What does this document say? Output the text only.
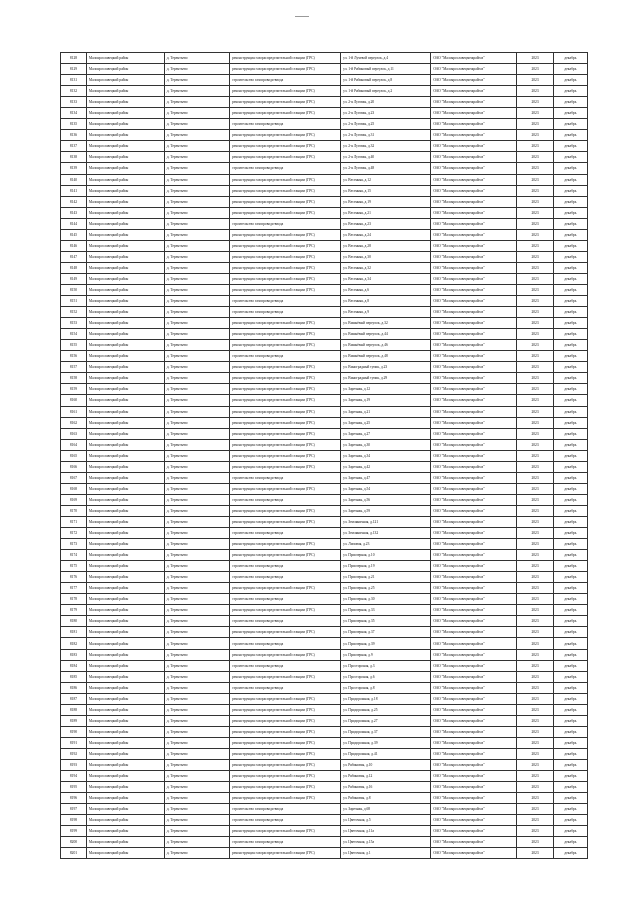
8128	Малоярославецкий район	д. Терентьево	реконструкция газораспределительной станции (ГРС)	ул. 1-й Лучевой переулок, д.4	ОАО "Малоярославецмежрайгаз"	2023	декабрь
8129	Малоярославецкий район	д. Терентьево	реконструкция газораспределительной станции (ГРС)	ул. 1-й Рябиновый переулок, д.11	ОАО "Малоярославецмежрайгаз"	2023	декабрь
8131	Малоярославецкий район	д. Терентьево	строительство газопровода-ввода	ул. 1-й Рябиновый переулок, д.8	ОАО "Малоярославецмежрайгаз"	2023	декабрь
8132	Малоярославецкий район	д. Терентьево	реконструкция газораспределительной станции (ГРС)	ул. 1-й Рябиновый переулок, д.2	ОАО "Малоярославецмежрайгаз"	2023	декабрь
8133	Малоярославецкий район	д. Терентьево	реконструкция газораспределительной станции (ГРС)	ул. 2-я Луговая, д.20	ОАО "Малоярославецмежрайгаз"	2023	декабрь
8134	Малоярославецкий район	д. Терентьево	реконструкция газораспределительной станции (ГРС)	ул. 2-я Луговая, д.23	ОАО "Малоярославецмежрайгаз"	2023	декабрь
8135	Малоярославецкий район	д. Терентьево	строительство газопровода-ввода	ул. 2-я Луговая, д.25	ОАО "Малоярославецмежрайгаз"	2023	декабрь
8136	Малоярославецкий район	д. Терентьево	реконструкция газораспределительной станции (ГРС)	ул. 2-я Луговая, д.31	ОАО "Малоярославецмежрайгаз"	2023	декабрь
8137	Малоярославецкий район	д. Терентьево	реконструкция газораспределительной станции (ГРС)	ул. 2-я Луговая, д.32	ОАО "Малоярославецмежрайгаз"	2023	декабрь
8138	Малоярославецкий район	д. Терентьево	реконструкция газораспределительной станции (ГРС)	ул. 2-я Луговая, д.40	ОАО "Малоярославецмежрайгаз"	2023	декабрь
8139	Малоярославецкий район	д. Терентьево	строительство газопровода-ввода	ул. 2-я Луговая, д.48	ОАО "Малоярославецмежрайгаз"	2023	декабрь
8140	Малоярославецкий район	д. Терентьево	реконструкция газораспределительной станции (ГРС)	ул. Весенняя, д.12	ОАО "Малоярославецмежрайгаз"	2023	декабрь
8141	Малоярославецкий район	д. Терентьево	реконструкция газораспределительной станции (ГРС)	ул. Весенняя, д.15	ОАО "Малоярославецмежрайгаз"	2023	декабрь
8142	Малоярославецкий район	д. Терентьево	реконструкция газораспределительной станции (ГРС)	ул. Весенняя, д.19	ОАО "Малоярославецмежрайгаз"	2023	декабрь
8143	Малоярославецкий район	д. Терентьево	реконструкция газораспределительной станции (ГРС)	ул. Весенняя, д.21	ОАО "Малоярославецмежрайгаз"	2023	декабрь
8144	Малоярославецкий район	д. Терентьево	строительство газопровода-ввода	ул. Весенняя, д.23	ОАО "Малоярославецмежрайгаз"	2023	декабрь
8145	Малоярославецкий район	д. Терентьево	реконструкция газораспределительной станции (ГРС)	ул. Весенняя, д.24	ОАО "Малоярославецмежрайгаз"	2023	декабрь
8146	Малоярославецкий район	д. Терентьево	реконструкция газораспределительной станции (ГРС)	ул. Весенняя, д.28	ОАО "Малоярославецмежрайгаз"	2023	декабрь
8147	Малоярославецкий район	д. Терентьево	реконструкция газораспределительной станции (ГРС)	ул. Весенняя, д.30	ОАО "Малоярославецмежрайгаз"	2023	декабрь
8148	Малоярославецкий район	д. Терентьево	реконструкция газораспределительной станции (ГРС)	ул. Весенняя, д.32	ОАО "Малоярославецмежрайгаз"	2023	декабрь
8149	Малоярославецкий район	д. Терентьево	реконструкция газораспределительной станции (ГРС)	ул. Весенняя, д.34	ОАО "Малоярославецмежрайгаз"	2023	декабрь
8150	Малоярославецкий район	д. Терентьево	реконструкция газораспределительной станции (ГРС)	ул. Весенняя, д.6	ОАО "Малоярославецмежрайгаз"	2023	декабрь
8151	Малоярославецкий район	д. Терентьево	строительство газопровода-ввода	ул. Весенняя, д.8	ОАО "Малоярославецмежрайгаз"	2023	декабрь
8152	Малоярославецкий район	д. Терентьево	строительство газопровода-ввода	ул. Весенняя, д.9	ОАО "Малоярославецмежрайгаз"	2023	декабрь
8153	Малоярославецкий район	д. Терентьево	реконструкция газораспределительной станции (ГРС)	ул. Вишнёвый переулок, д.32	ОАО "Малоярославецмежрайгаз"	2023	декабрь
8154	Малоярославецкий район	д. Терентьево	реконструкция газораспределительной станции (ГРС)	ул. Вишнёвый переулок, д.44	ОАО "Малоярославецмежрайгаз"	2023	декабрь
8155	Малоярославецкий район	д. Терентьево	реконструкция газораспределительной станции (ГРС)	ул. Вишнёвый переулок, д.46	ОАО "Малоярославецмежрайгаз"	2023	декабрь
8156	Малоярославецкий район	д. Терентьево	строительство газопровода-ввода	ул. Вишнёвый переулок, д.48	ОАО "Малоярославецмежрайгаз"	2023	декабрь
8157	Малоярославецкий район	д. Терентьево	реконструкция газораспределительной станции (ГРС)	ул. Виноградный тупик, д.23	ОАО "Малоярославецмежрайгаз"	2023	декабрь
8158	Малоярославецкий район	д. Терентьево	реконструкция газораспределительной станции (ГРС)	ул. Виноградный тупик, д.29	ОАО "Малоярославецмежрайгаз"	2023	декабрь
8159	Малоярославецкий район	д. Терентьево	реконструкция газораспределительной станции (ГРС)	ул. Заречная, д.12	ОАО "Малоярославецмежрайгаз"	2023	декабрь
8160	Малоярославецкий район	д. Терентьево	реконструкция газораспределительной станции (ГРС)	ул. Заречная, д.19	ОАО "Малоярославецмежрайгаз"	2023	декабрь
8161	Малоярославецкий район	д. Терентьево	реконструкция газораспределительной станции (ГРС)	ул. Заречная, д.21	ОАО "Малоярославецмежрайгаз"	2023	декабрь
8162	Малоярославецкий район	д. Терентьево	реконструкция газораспределительной станции (ГРС)	ул. Заречная, д.25	ОАО "Малоярославецмежрайгаз"	2023	декабрь
8163	Малоярославецкий район	д. Терентьево	реконструкция газораспределительной станции (ГРС)	ул. Заречная, д.27	ОАО "Малоярославецмежрайгаз"	2023	декабрь
8164	Малоярославецкий район	д. Терентьево	реконструкция газораспределительной станции (ГРС)	ул. Заречная, д.30	ОАО "Малоярославецмежрайгаз"	2023	декабрь
8165	Малоярославецкий район	д. Терентьево	реконструкция газораспределительной станции (ГРС)	ул. Заречная, д.34	ОАО "Малоярославецмежрайгаз"	2023	декабрь
8166	Малоярославецкий район	д. Терентьево	реконструкция газораспределительной станции (ГРС)	ул. Заречная, д.42	ОАО "Малоярославецмежрайгаз"	2023	декабрь
8167	Малоярославецкий район	д. Терентьево	строительство газопровода-ввода	ул. Заречная, д.47	ОАО "Малоярославецмежрайгаз"	2023	декабрь
8168	Малоярославецкий район	д. Терентьево	реконструкция газораспределительной станции (ГРС)	ул. Заречная, д.54	ОАО "Малоярославецмежрайгаз"	2023	декабрь
8169	Малоярославецкий район	д. Терентьево	строительство газопровода-ввода	ул. Заречная, д.56	ОАО "Малоярославецмежрайгаз"	2023	декабрь
8170	Малоярославецкий район	д. Терентьево	реконструкция газораспределительной станции (ГРС)	ул. Заречная, д.59	ОАО "Малоярославецмежрайгаз"	2023	декабрь
8171	Малоярославецкий район	д. Терентьево	реконструкция газораспределительной станции (ГРС)	ул. Земляничная, д.121	ОАО "Малоярославецмежрайгаз"	2023	декабрь
8172	Малоярославецкий район	д. Терентьево	строительство газопровода-ввода	ул. Земляничная, д.132	ОАО "Малоярославецмежрайгаз"	2023	декабрь
8173	Малоярославецкий район	д. Терентьево	реконструкция газораспределительной станции (ГРС)	ул. Липовая, д.23	ОАО "Малоярославецмежрайгаз"	2023	декабрь
8174	Малоярославецкий район	д. Терентьево	реконструкция газораспределительной станции (ГРС)	ул. Приозерная, д.10	ОАО "Малоярославецмежрайгаз"	2023	декабрь
8175	Малоярославецкий район	д. Терентьево	строительство газопровода-ввода	ул. Приозерная, д.19	ОАО "Малоярославецмежрайгаз"	2023	декабрь
8176	Малоярославецкий район	д. Терентьево	строительство газопровода-ввода	ул. Приозерная, д.21	ОАО "Малоярославецмежрайгаз"	2023	декабрь
8177	Малоярославецкий район	д. Терентьево	реконструкция газораспределительной станции (ГРС)	ул. Приозерная, д.25	ОАО "Малоярославецмежрайгаз"	2023	декабрь
8178	Малоярославецкий район	д. Терентьево	строительство газопровода-ввода	ул. Приозерная, д.30	ОАО "Малоярославецмежрайгаз"	2023	декабрь
8179	Малоярославецкий район	д. Терентьево	реконструкция газораспределительной станции (ГРС)	ул. Приозерная, д.33	ОАО "Малоярославецмежрайгаз"	2023	декабрь
8180	Малоярославецкий район	д. Терентьево	строительство газопровода-ввода	ул. Приозерная, д.35	ОАО "Малоярославецмежрайгаз"	2023	декабрь
8181	Малоярославецкий район	д. Терентьево	реконструкция газораспределительной станции (ГРС)	ул. Приозерная, д.37	ОАО "Малоярославецмежрайгаз"	2023	декабрь
8182	Малоярославецкий район	д. Терентьево	строительство газопровода-ввода	ул. Приозерная, д.39	ОАО "Малоярославецмежрайгаз"	2023	декабрь
8183	Малоярославецкий район	д. Терентьево	реконструкция газораспределительной станции (ГРС)	ул. Приозерная, д.9	ОАО "Малоярославецмежрайгаз"	2023	декабрь
8184	Малоярославецкий район	д. Терентьево	строительство газопровода-ввода	ул. Простороная, д.3	ОАО "Малоярославецмежрайгаз"	2023	декабрь
8185	Малоярославецкий район	д. Терентьево	реконструкция газораспределительной станции (ГРС)	ул. Простороная, д.6	ОАО "Малоярославецмежрайгаз"	2023	декабрь
8186	Малоярославецкий район	д. Терентьево	строительство газопровода-ввода	ул. Простороная, д.8	ОАО "Малоярославецмежрайгаз"	2023	декабрь
8187	Малоярославецкий район	д. Терентьево	реконструкция газораспределительной станции (ГРС)	ул. Придорожная, д.18	ОАО "Малоярославецмежрайгаз"	2023	декабрь
8188	Малоярославецкий район	д. Терентьево	реконструкция газораспределительной станции (ГРС)	ул. Придорожная, д.25	ОАО "Малоярославецмежрайгаз"	2023	декабрь
8189	Малоярославецкий район	д. Терентьево	реконструкция газораспределительной станции (ГРС)	ул. Придорожная, д.27	ОАО "Малоярославецмежрайгаз"	2023	декабрь
8190	Малоярославецкий район	д. Терентьево	реконструкция газораспределительной станции (ГРС)	ул. Придорожная, д.37	ОАО "Малоярославецмежрайгаз"	2023	декабрь
8191	Малоярославецкий район	д. Терентьево	реконструкция газораспределительной станции (ГРС)	ул. Придорожная, д.39	ОАО "Малоярославецмежрайгаз"	2023	декабрь
8192	Малоярославецкий район	д. Терентьево	реконструкция газораспределительной станции (ГРС)	ул. Придорожная, д.41	ОАО "Малоярославецмежрайгаз"	2023	декабрь
8193	Малоярославецкий район	д. Терентьево	реконструкция газораспределительной станции (ГРС)	ул. Рябиновая, д.10	ОАО "Малоярославецмежрайгаз"	2023	декабрь
8194	Малоярославецкий район	д. Терентьево	реконструкция газораспределительной станции (ГРС)	ул. Рябиновая, д.12	ОАО "Малоярославецмежрайгаз"	2023	декабрь
8195	Малоярославецкий район	д. Терентьево	реконструкция газораспределительной станции (ГРС)	ул. Рябиновая, д.16	ОАО "Малоярославецмежрайгаз"	2023	декабрь
8196	Малоярославецкий район	д. Терентьево	реконструкция газораспределительной станции (ГРС)	ул. Рябиновая, д.8	ОАО "Малоярославецмежрайгаз"	2023	декабрь
8197	Малоярославецкий район	д. Терентьево	строительство газопровода-ввода	ул. Заречная, д.68	ОАО "Малоярославецмежрайгаз"	2023	декабрь
8198	Малоярославецкий район	д. Терентьево	строительство газопровода-ввода	ул. Цветочная, д.5	ОАО "Малоярославецмежрайгаз"	2023	декабрь
8199	Малоярославецкий район	д. Терентьево	реконструкция газораспределительной станции (ГРС)	ул. Цветочная, д.11а	ОАО "Малоярославецмежрайгаз"	2023	декабрь
8200	Малоярославецкий район	д. Терентьево	строительство газопровода-ввода	ул. Цветочная, д.15а	ОАО "Малоярославецмежрайгаз"	2023	декабрь
8201	Малоярославецкий район	д. Терентьево	реконструкция газораспределительной станции (ГРС)	ул. Цветочная, д.1	ОАО "Малоярославецмежрайгаз"	2023	декабрь
